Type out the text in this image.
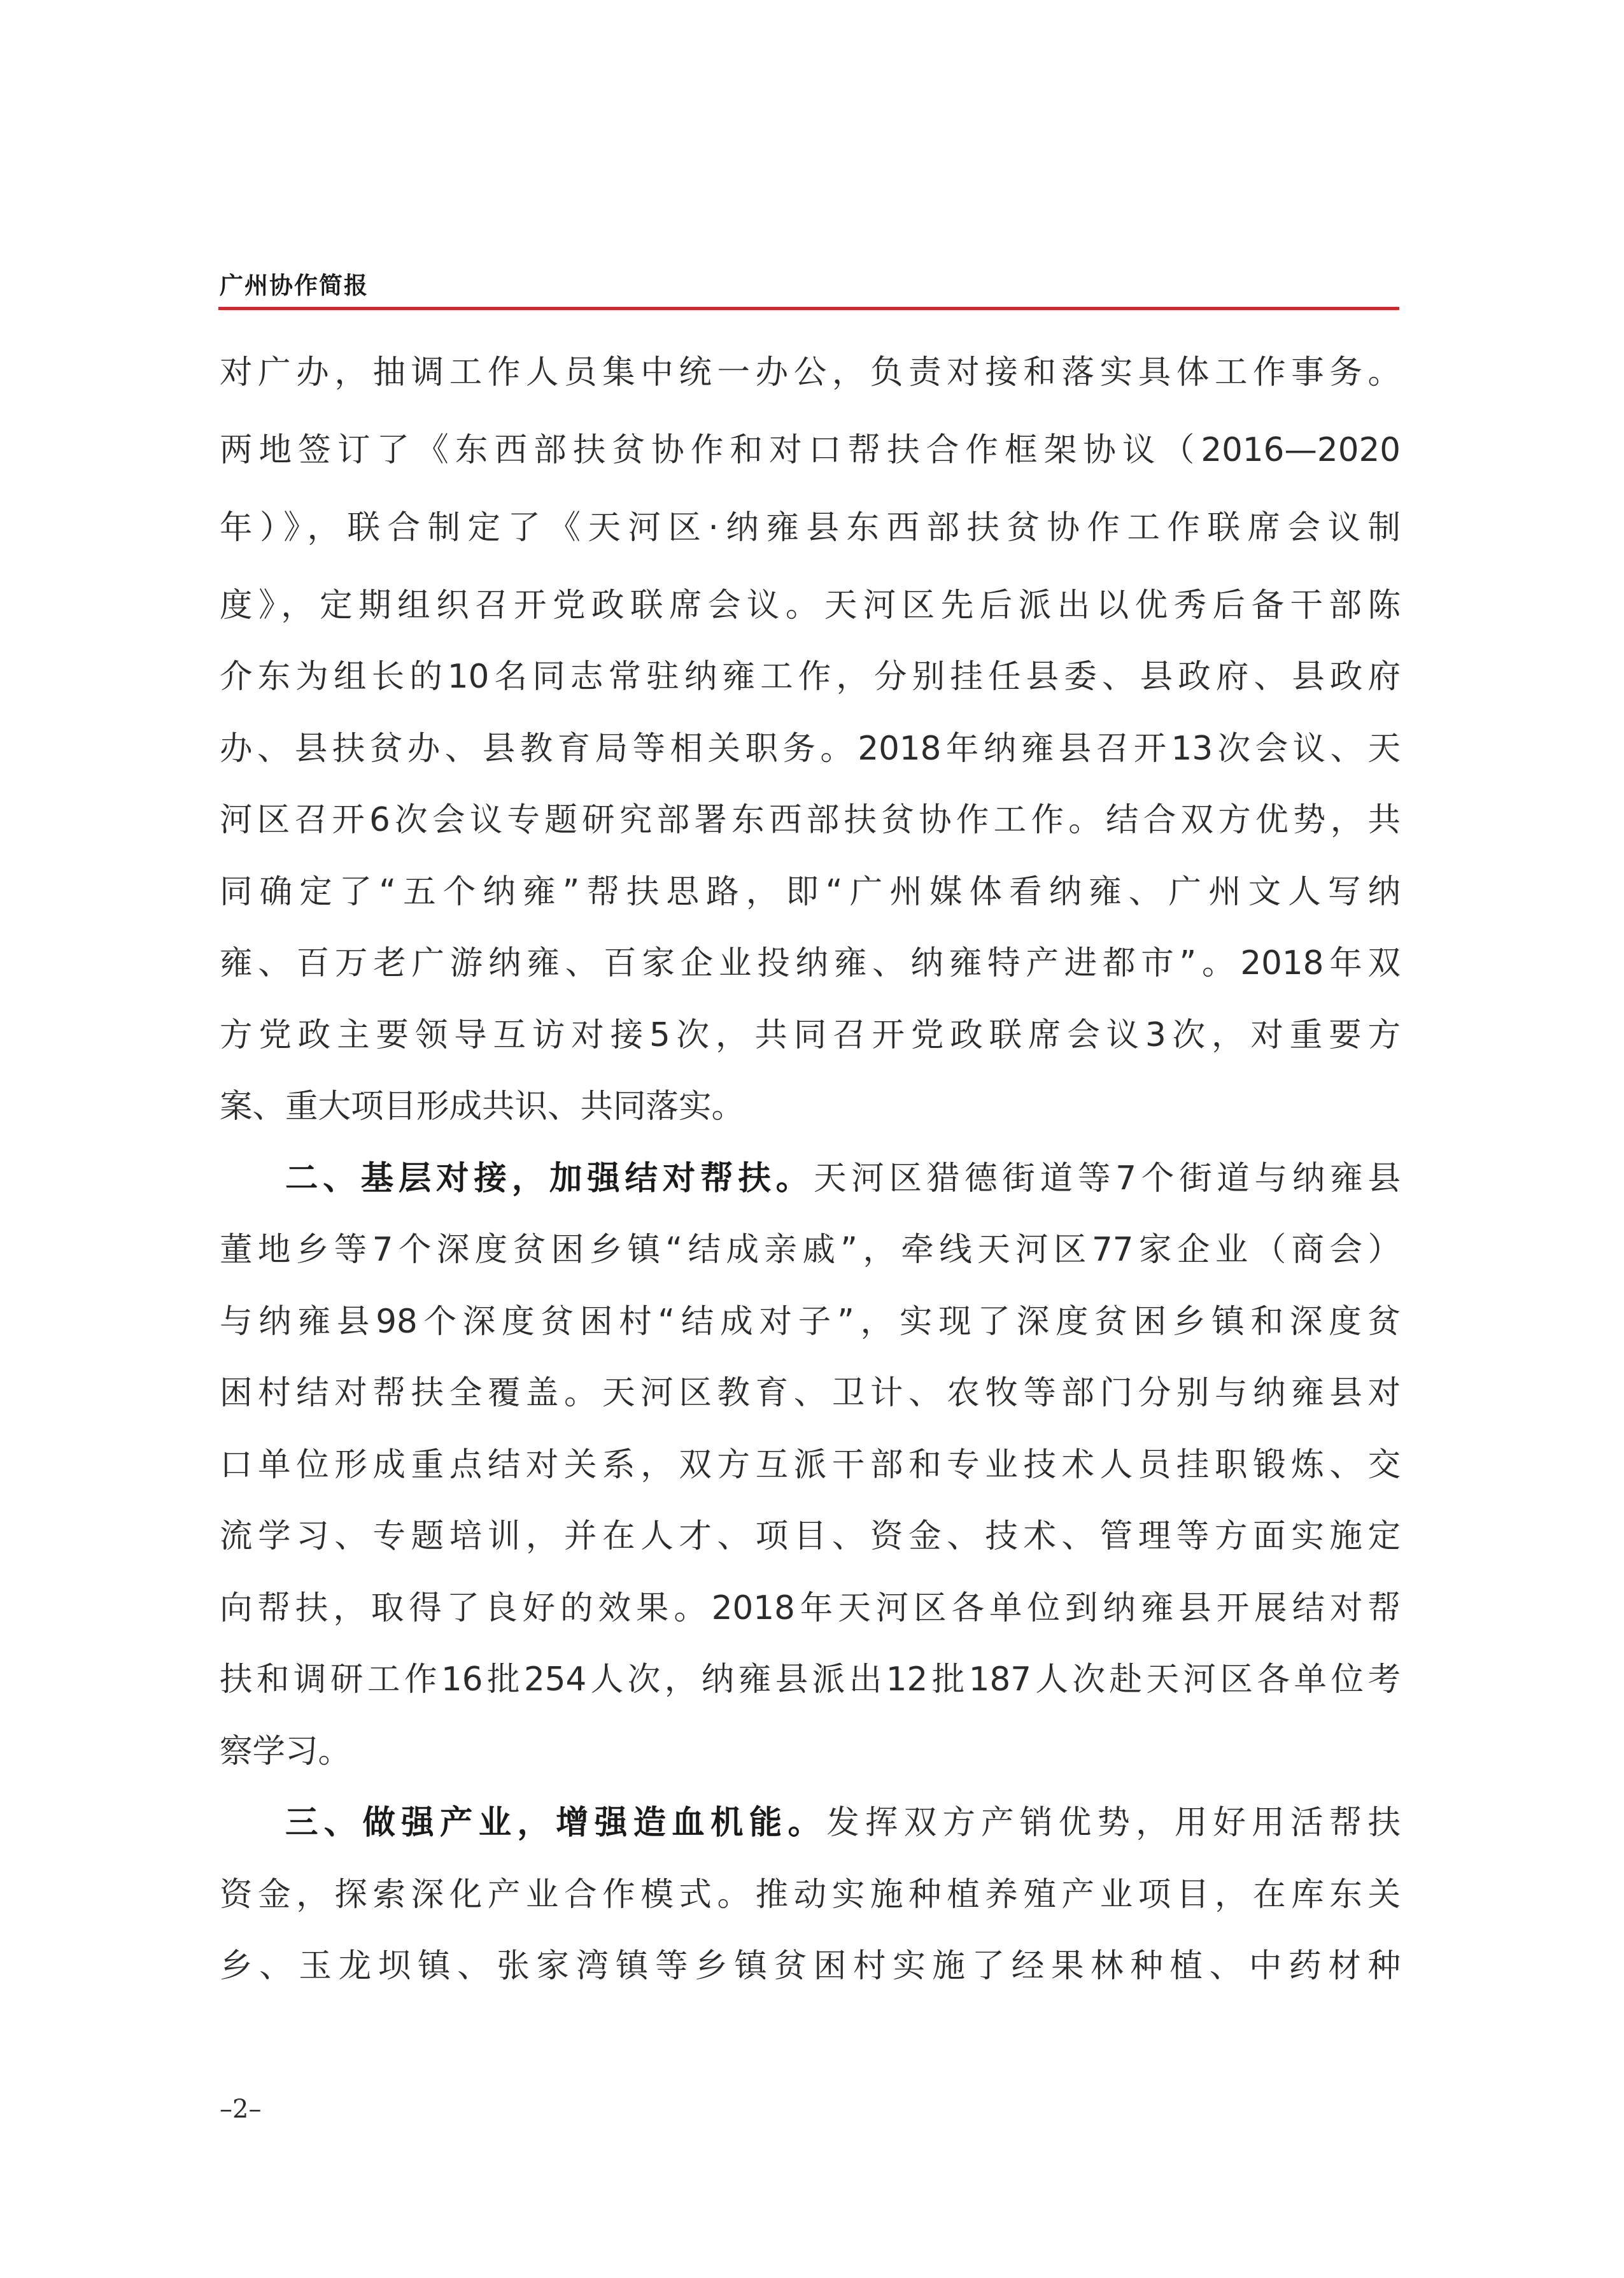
广州协作简报
对广办，抽调工作人员集中统一办公，负责对接和落实具体工作事务。
两地签订了《东西部扶贫协作和对口帮扶合作框架协议（2016—2020
年）》，联合制定了《天河区·纳雍县东西部扶贫协作工作联席会议制
度》，定期组织召开党政联席会议。天河区先后派出以优秀后备干部陈
介东为组长的10名同志常驻纳雍工作，分别挂任县委、县政府、县政府
办、县扶贫办、县教育局等相关职务。2018年纳雍县召开13次会议、天
河区召开6次会议专题研究部署东西部扶贫协作工作。结合双方优势，共
同确定了“五个纳雍”帮扶思路，即“广州媒体看纳雍、广州文人写纳
雍、百万老广游纳雍、百家企业投纳雍、纳雍特产进都市”。2018年双
方党政主要领导互访对接5次，共同召开党政联席会议3次，对重要方
案、重大项目形成共识、共同落实。
二、基层对接，加强结对帮扶。天河区猎德街道等7个街道与纳雍县
董地乡等7个深度贫困乡镇“结成亲戚”，牵线天河区77家企业（商会）
与纳雍县98个深度贫困村“结成对子”，实现了深度贫困乡镇和深度贫
困村结对帮扶全覆盖。天河区教育、卫计、农牧等部门分别与纳雍县对
口单位形成重点结对关系，双方互派干部和专业技术人员挂职锻炼、交
流学习、专题培训，并在人才、项目、资金、技术、管理等方面实施定
向帮扶，取得了良好的效果。2018年天河区各单位到纳雍县开展结对帮
扶和调研工作16批254人次，纳雍县派出12批187人次赴天河区各单位考
察学习。
三、做强产业，增强造血机能。发挥双方产销优势，用好用活帮扶
资金，探索深化产业合作模式。推动实施种植养殖产业项目，在库东关
乡、玉龙坝镇、张家湾镇等乡镇贫困村实施了经果林种植、中药材种
–2–
